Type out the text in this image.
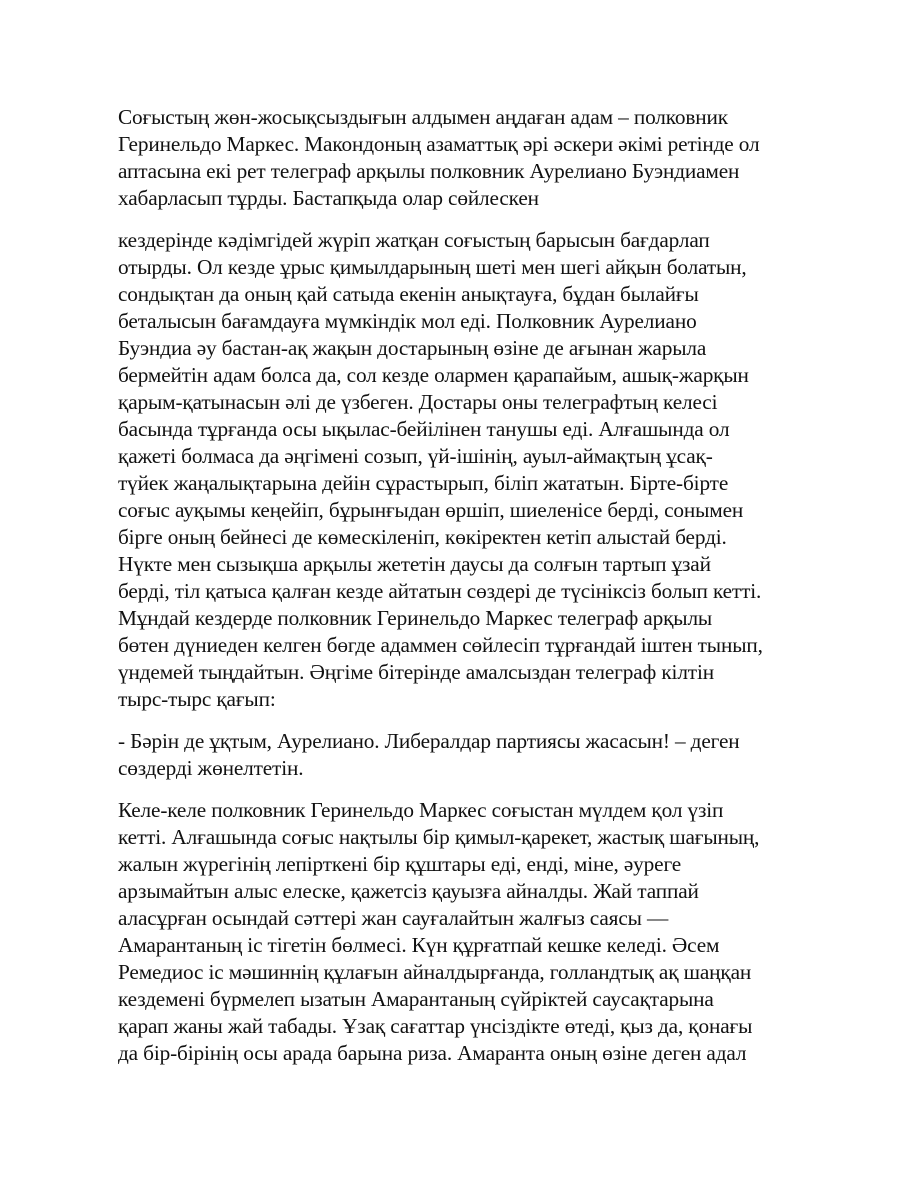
Соғыстың жөн-жосықсыздығын алдымен аңдаған адам – полковник
Геринельдо Маркес. Макондоның азаматтық әрі әскери әкімі ретінде ол
аптасына екі рет телеграф арқылы полковник Аурелиано Буэндиамен
хабарласып тұрды. Бастапқыда олар сөйлескен

кездерінде кәдімгідей жүріп жатқан соғыстың барысын бағдарлап
отырды. Ол кезде ұрыс қимылдарының шеті мен шегі айқын болатын,
сондықтан да оның қай сатыда екенін анықтауға, бұдан былайғы
беталысын бағамдауға мүмкіндік мол еді. Полковник Аурелиано
Буэндиа әу бастан-ақ жақын достарының өзіне де ағынан жарыла
бермейтін адам болса да, сол кезде олармен қарапайым, ашық-жарқын
қарым-қатынасын әлі де үзбеген. Достары оны телеграфтың келесі
басында тұрғанда осы ықылас-бейілінен танушы еді. Алғашында ол
қажеті болмаса да әңгімені созып, үй-ішінің, ауыл-аймақтың ұсақ-
түйек жаңалықтарына дейін сұрастырып, біліп жататын. Бірте-бірте
соғыс ауқымы кеңейіп, бұрынғыдан өршіп, шиеленісе берді, сонымен
бірге оның бейнесі де көмескіленіп, көкіректен кетіп алыстай берді.
Нүкте мен сызықша арқылы жететін даусы да солғын тартып ұзай
берді, тіл қатыса қалған кезде айтатын сөздері де түсініксіз болып кетті.
Мұндай кездерде полковник Геринельдо Маркес телеграф арқылы
бөтен дүниеден келген бөгде адаммен сөйлесіп тұрғандай іштен тынып,
үндемей тыңдайтын. Әңгіме бітерінде амалсыздан телеграф кілтін
тырс-тырс қағып:

- Бәрін де ұқтым, Аурелиано. Либералдар партиясы жасасын! – деген
сөздерді жөнелтетін.

Келе-келе полковник Геринельдо Маркес соғыстан мүлдем қол үзіп
кетті. Алғашында соғыс нақтылы бір қимыл-қарекет, жастық шағының,
жалын жүрегінің лепірткені бір құштары еді, енді, міне, әуреге
арзымайтын алыс елеске, қажетсіз қауызға айналды. Жай таппай
аласұрған осындай сәттері жан сауғалайтын жалғыз саясы —
Амарантаның іс тігетін бөлмесі. Күн құрғатпай кешке келеді. Әсем
Ремедиос іс мәшиннің құлағын айналдырғанда, голландтық ақ шаңқан
кездемені бүрмелеп ызатын Амарантаның сүйріктей саусақтарына
қарап жаны жай табады. Ұзақ сағаттар үнсіздікте өтеді, қыз да, қонағы
да бір-бірінің осы арада барына риза. Амаранта оның өзіне деген адал
